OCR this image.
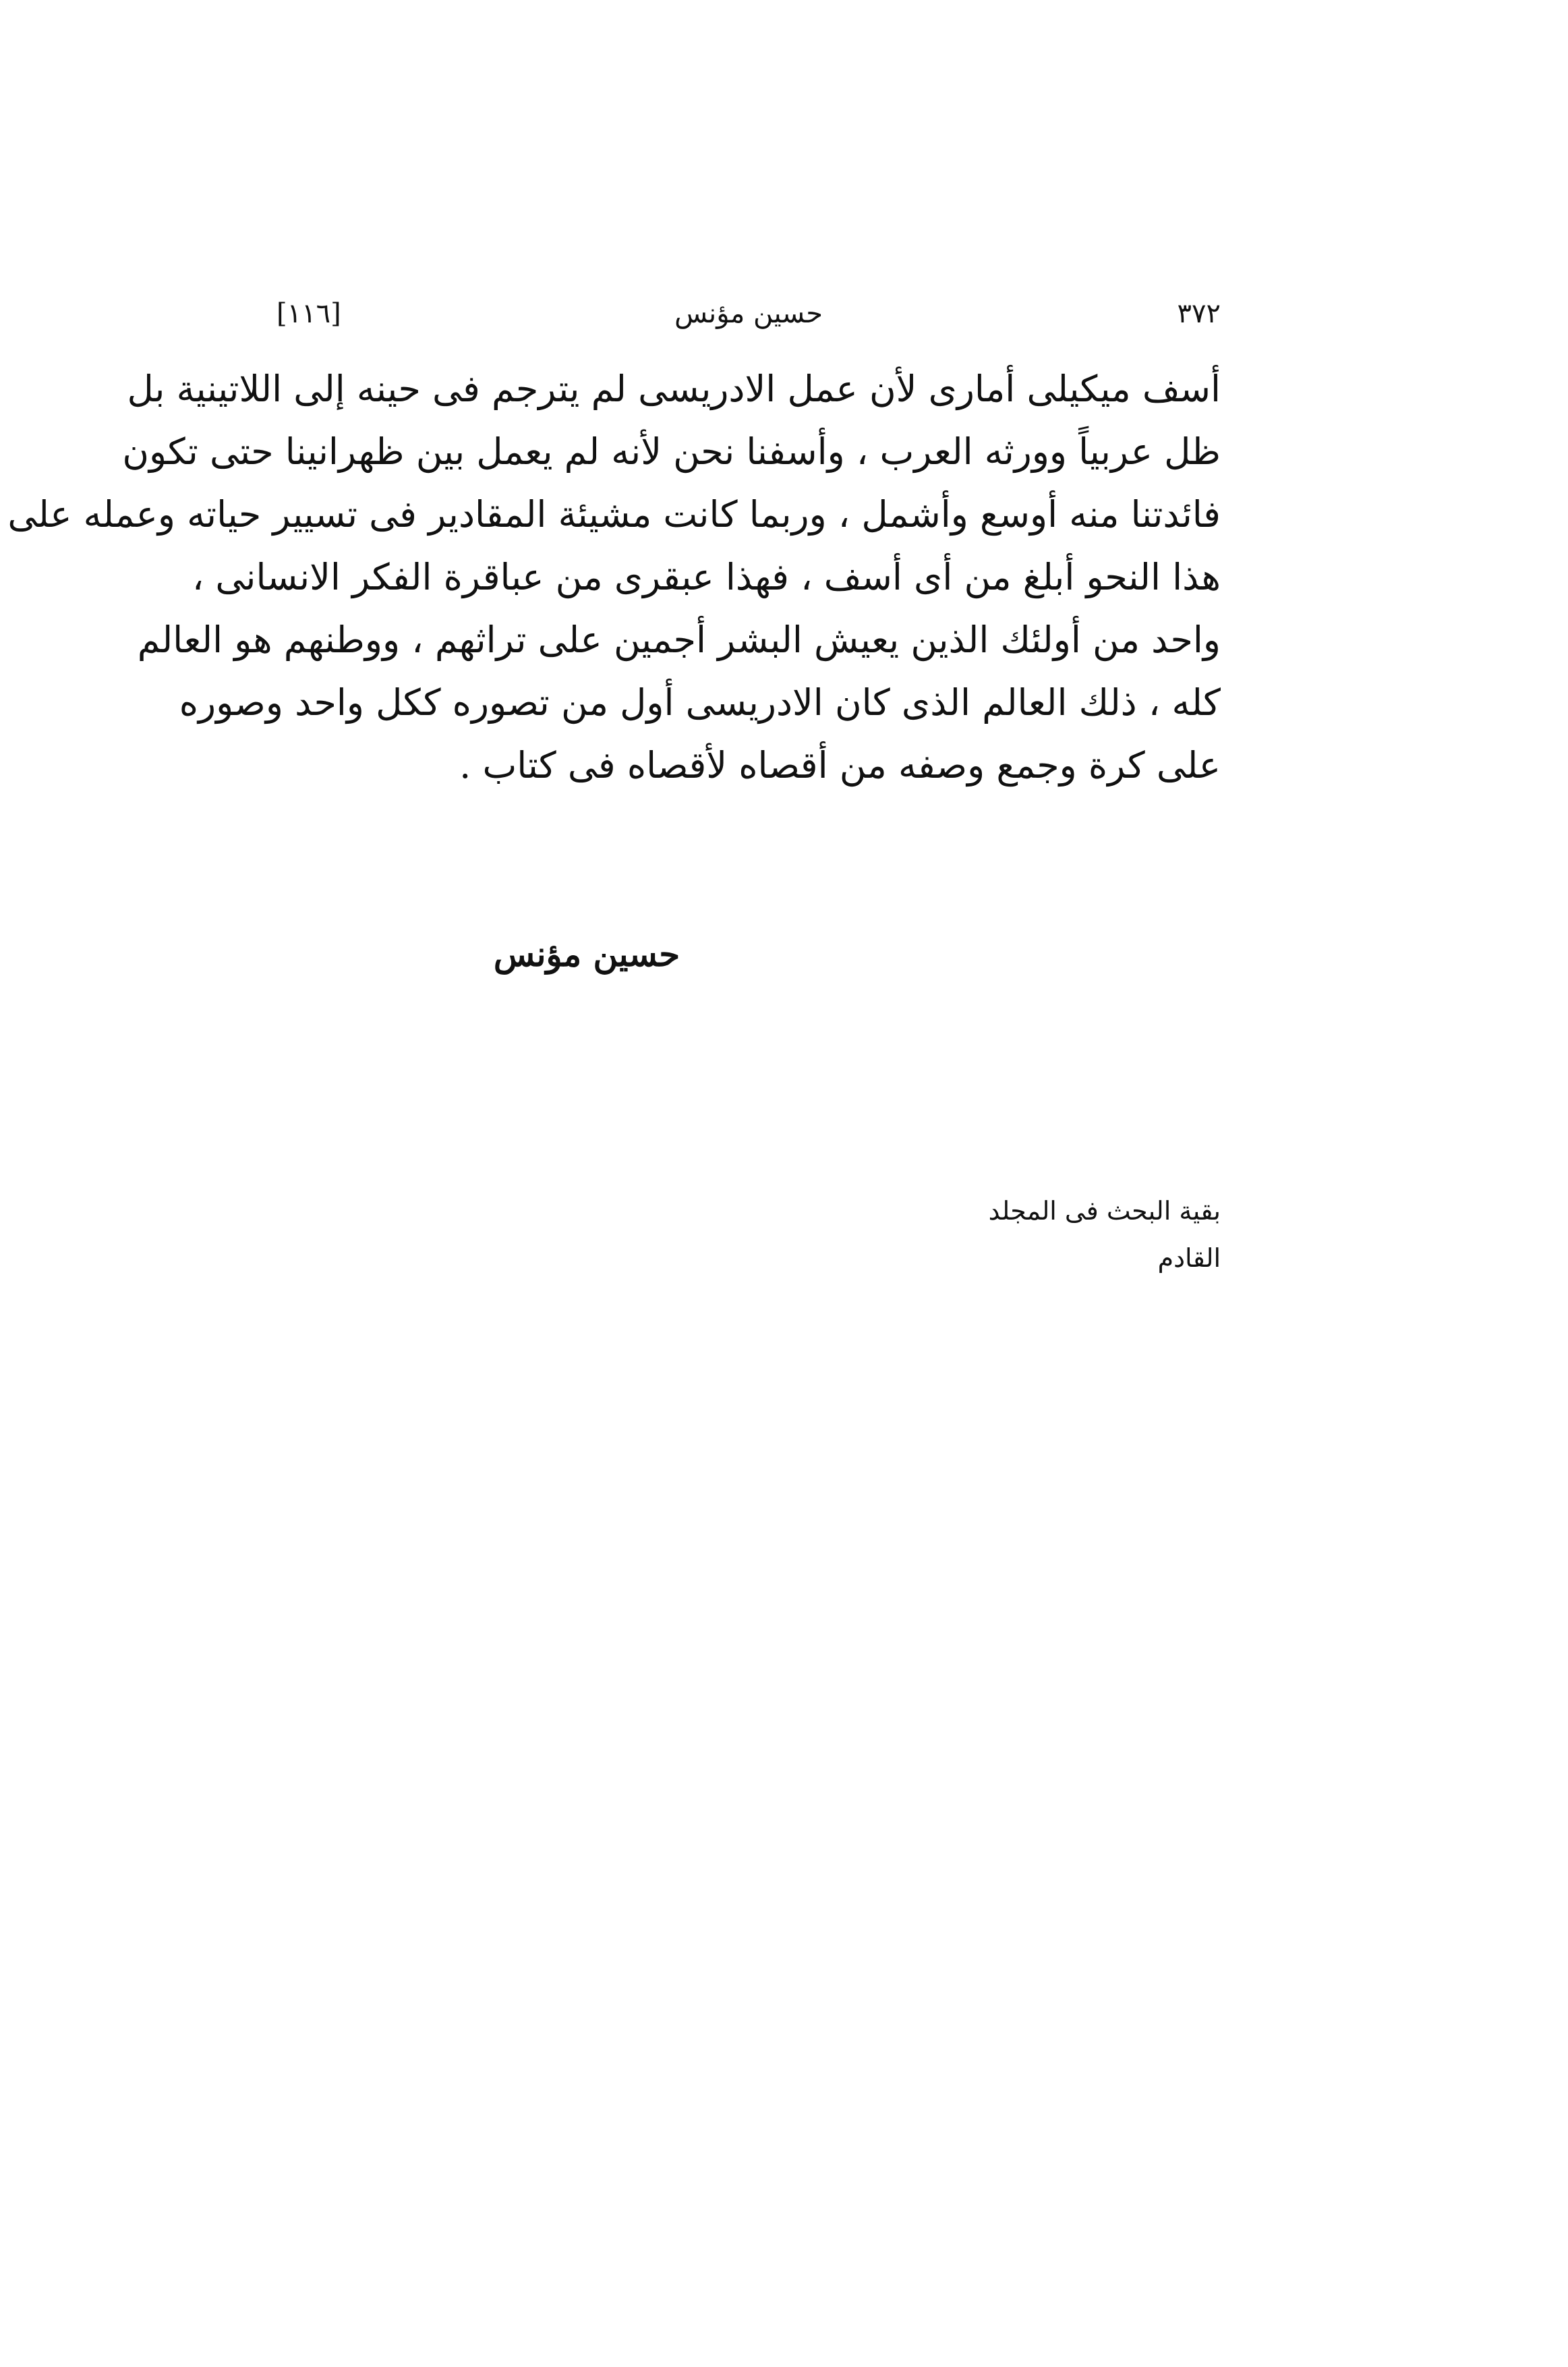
[١١٦]	حسين مؤنس	٣٧٢
أسف ميكيلى أمارى لأن عمل الادريسى لم يترجم فى حينه إلى اللاتينية بل
ظل عربياً وورثه العرب ، وأسفنا نحن لأنه لم يعمل بين ظهرانينا حتى تكون
فائدتنا منه أوسع وأشمل ، وربما كانت مشيئة المقادير فى تسيير حياته وعمله على
هذا النحو أبلغ من أى أسف ، فهذا عبقرى من عباقرة الفكر الانسانى ،
واحد من أولئك الذين يعيش البشر أجمين على تراثهم ، ووطنهم هو العالم
كله ، ذلك العالم الذى كان الادريسى أول من تصوره ككل واحد وصوره
على كرة وجمع وصفه من أقصاه لأقصاه فى كتاب .
حسين مؤنس
بقية البحث فى المجلد القادم
